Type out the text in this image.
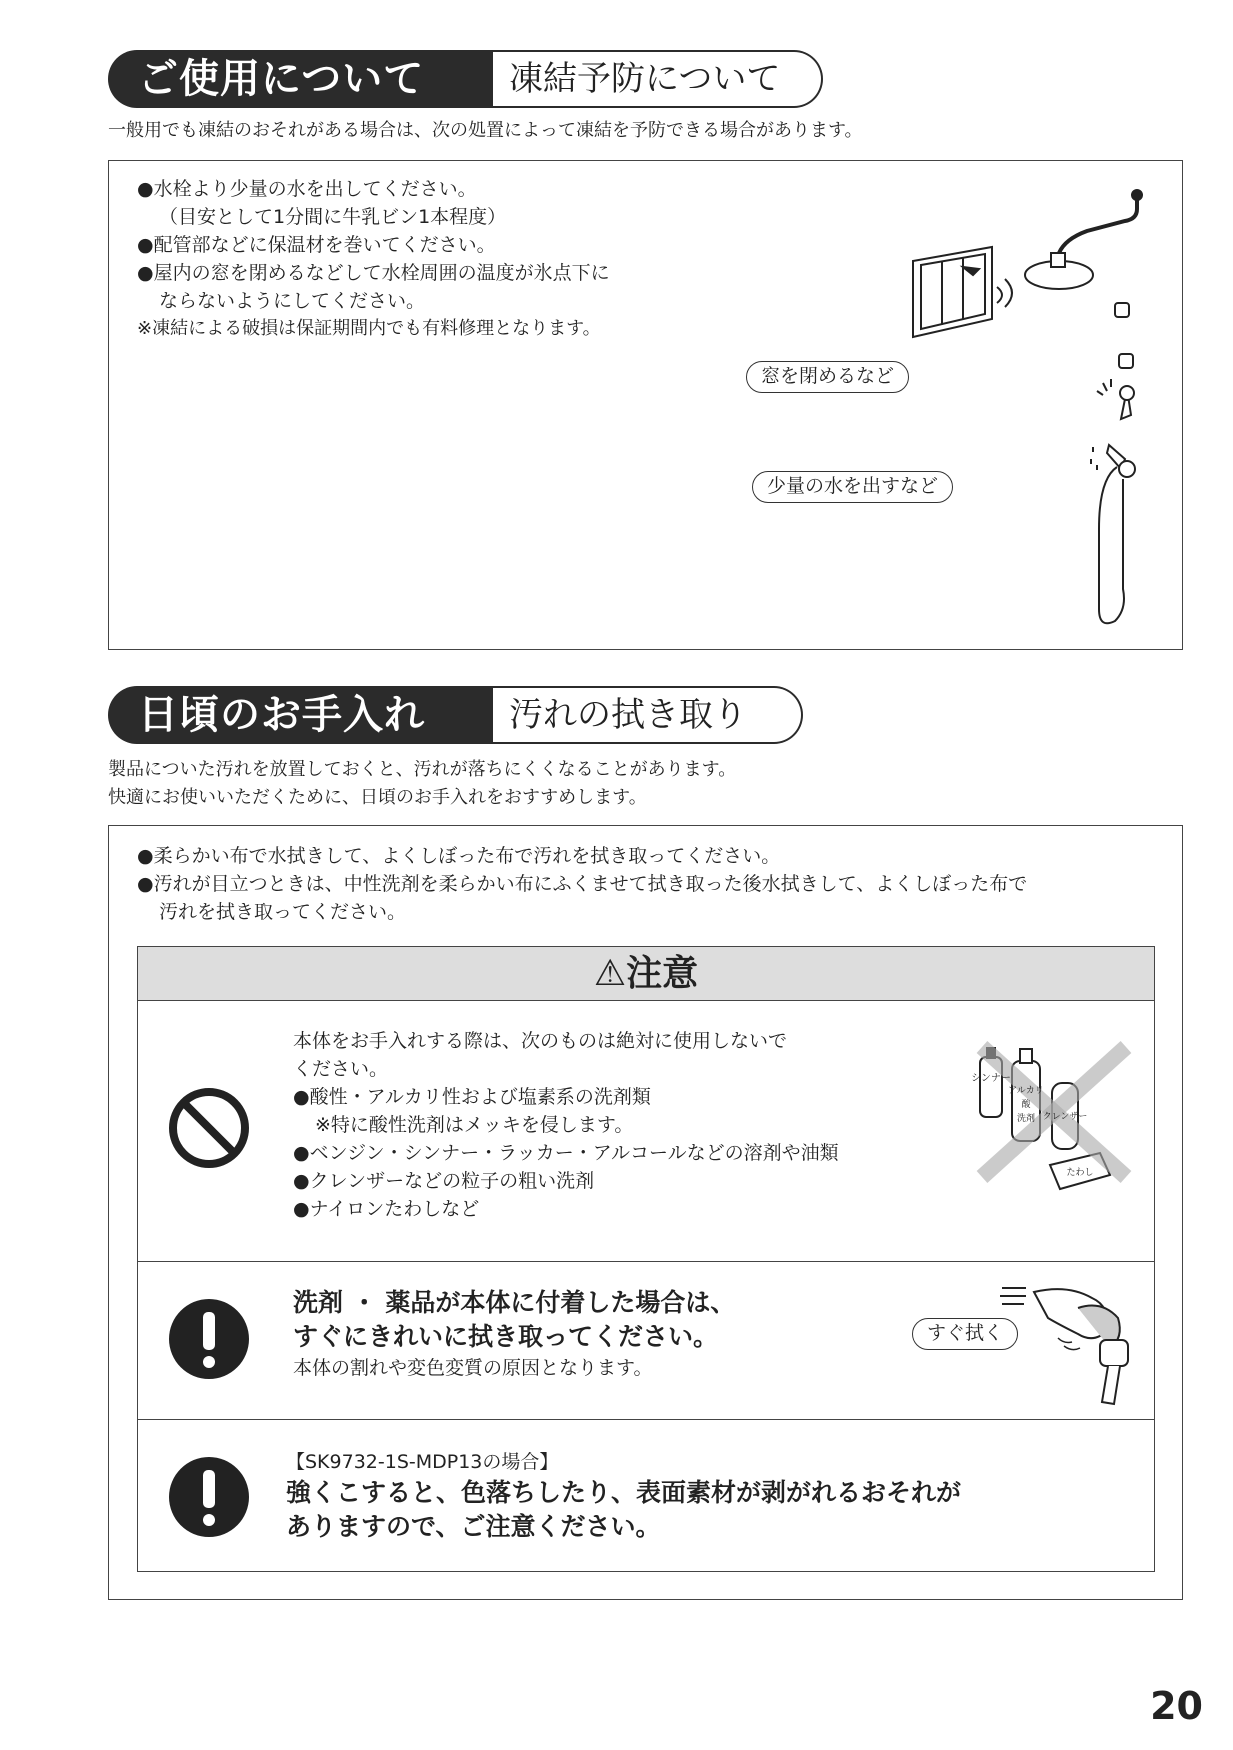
ご使用について	凍結予防について
一般用でも凍結のおそれがある場合は、次の処置によって凍結を予防できる場合があります。
●水栓より少量の水を出してください。
（目安として1分間に牛乳ビン1本程度）
●配管部などに保温材を巻いてください。
●屋内の窓を閉めるなどして水栓周囲の温度が氷点下に
ならないようにしてください。
※凍結による破損は保証期間内でも有料修理となります。
窓を閉めるなど
少量の水を出すなど
日頃のお手入れ	汚れの拭き取り
製品についた汚れを放置しておくと、汚れが落ちにくくなることがあります。
快適にお使いいただくために、日頃のお手入れをおすすめします。
●柔らかい布で水拭きして、よくしぼった布で汚れを拭き取ってください。
●汚れが目立つときは、中性洗剤を柔らかい布にふくませて拭き取った後水拭きして、よくしぼった布で
汚れを拭き取ってください。
⚠注意
本体をお手入れする際は、次のものは絶対に使用しないで
ください。
●酸性・アルカリ性および塩素系の洗剤類
※特に酸性洗剤はメッキを侵します。
●ベンジン・シンナー・ラッカー・アルコールなどの溶剤や油類
●クレンザーなどの粒子の粗い洗剤
●ナイロンたわしなど
シンナー
アルカリ
酸
洗剤 クレンザー
たわし
洗剤 ・ 薬品が本体に付着した場合は、
すぐにきれいに拭き取ってください。
本体の割れや変色変質の原因となります。
すぐ拭く
【SK9732-1S-MDP13の場合】
強くこすると、色落ちしたり、表面素材が剥がれるおそれが
ありますので、ご注意ください。
20
